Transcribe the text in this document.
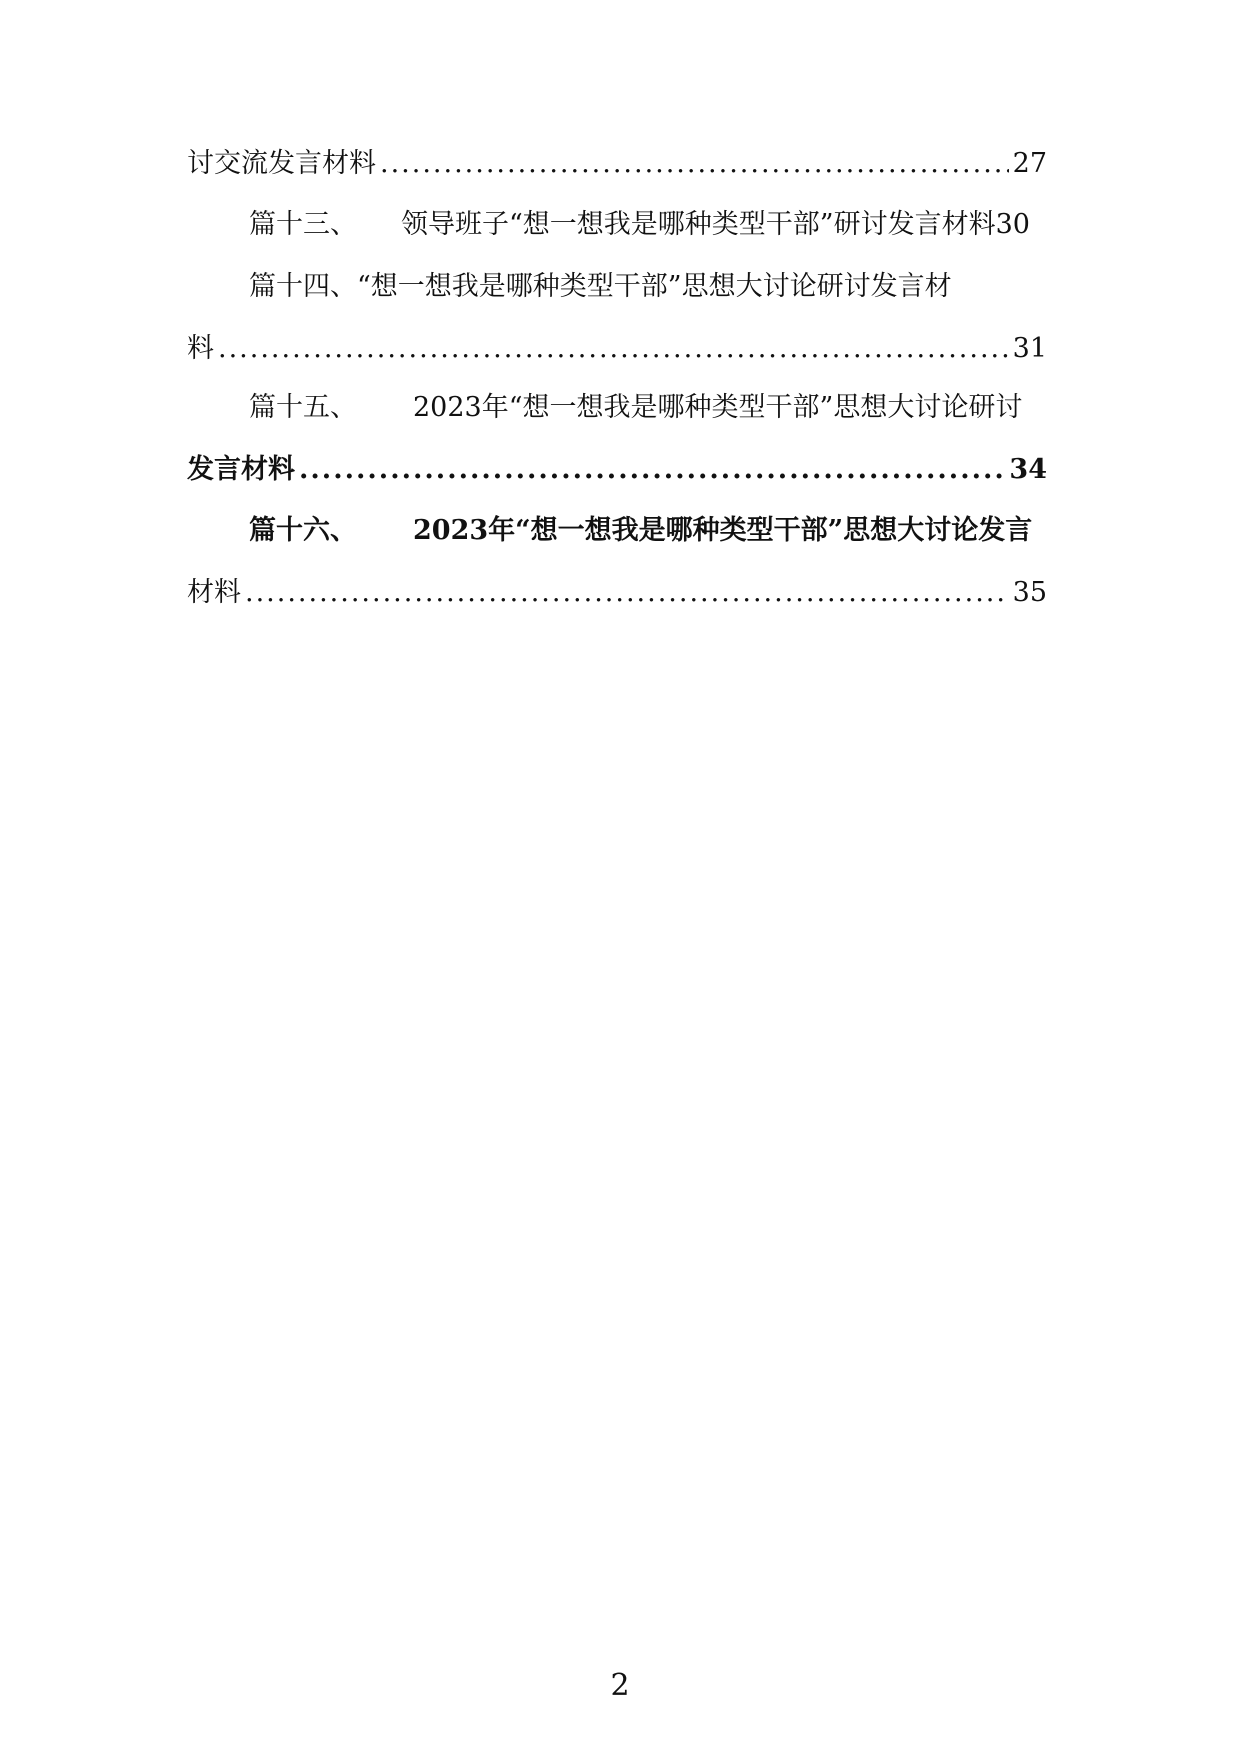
讨交流发言材料 .....	27
篇十三、 领导班子“想一想我是哪种类型干部”研讨发言材料30
篇十四、“想一想我是哪种类型干部”思想大讨论研讨发言材
料 .....	31
篇十五、 2023年“想一想我是哪种类型干部”思想大讨论研讨
发言材料 .....	34
篇十六、 2023年“想一想我是哪种类型干部”思想大讨论发言
材料 .....	35
2
